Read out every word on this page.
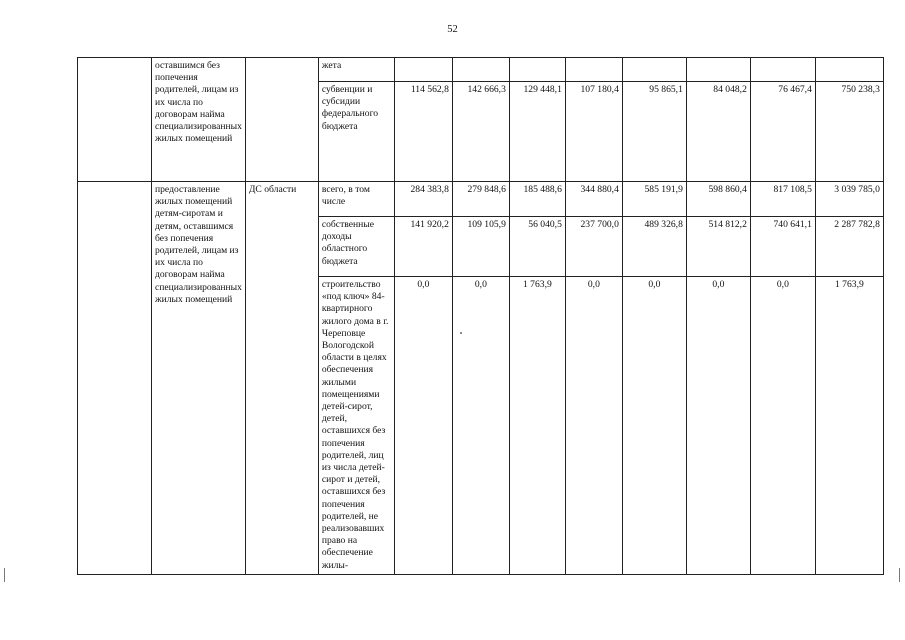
52
	оставшимся без попечения родителей, лицам из их числа по договорам найма специализированных жилых помещений		жета								
			субвенции и субсидии федерального бюджета	114 562,8	142 666,3	129 448,1	107 180,4	95 865,1	84 048,2	76 467,4	750 238,3
	предоставление жилых помещений детям-сиротам и детям, оставшимся без попечения родителей, лицам из их числа по договорам найма специализированных жилых помещений	ДС области	всего, в том числе	284 383,8	279 848,6	185 488,6	344 880,4	585 191,9	598 860,4	817 108,5	3 039 785,0
			собственные доходы областного бюджета	141 920,2	109 105,9	56 040,5	237 700,0	489 326,8	514 812,2	740 641,1	2 287 782,8
			строительство «под ключ» 84-квартирного жилого дома в г. Череповце Вологодской области в целях обеспечения жилыми помещениями детей-сирот, детей, оставшихся без попечения родителей, лиц из числа детей-сирот и детей, оставшихся без попечения родителей, не реализовавших право на обеспечение жилы-	0,0	0,0	1 763,9	0,0	0,0	0,0	0,0	1 763,9
